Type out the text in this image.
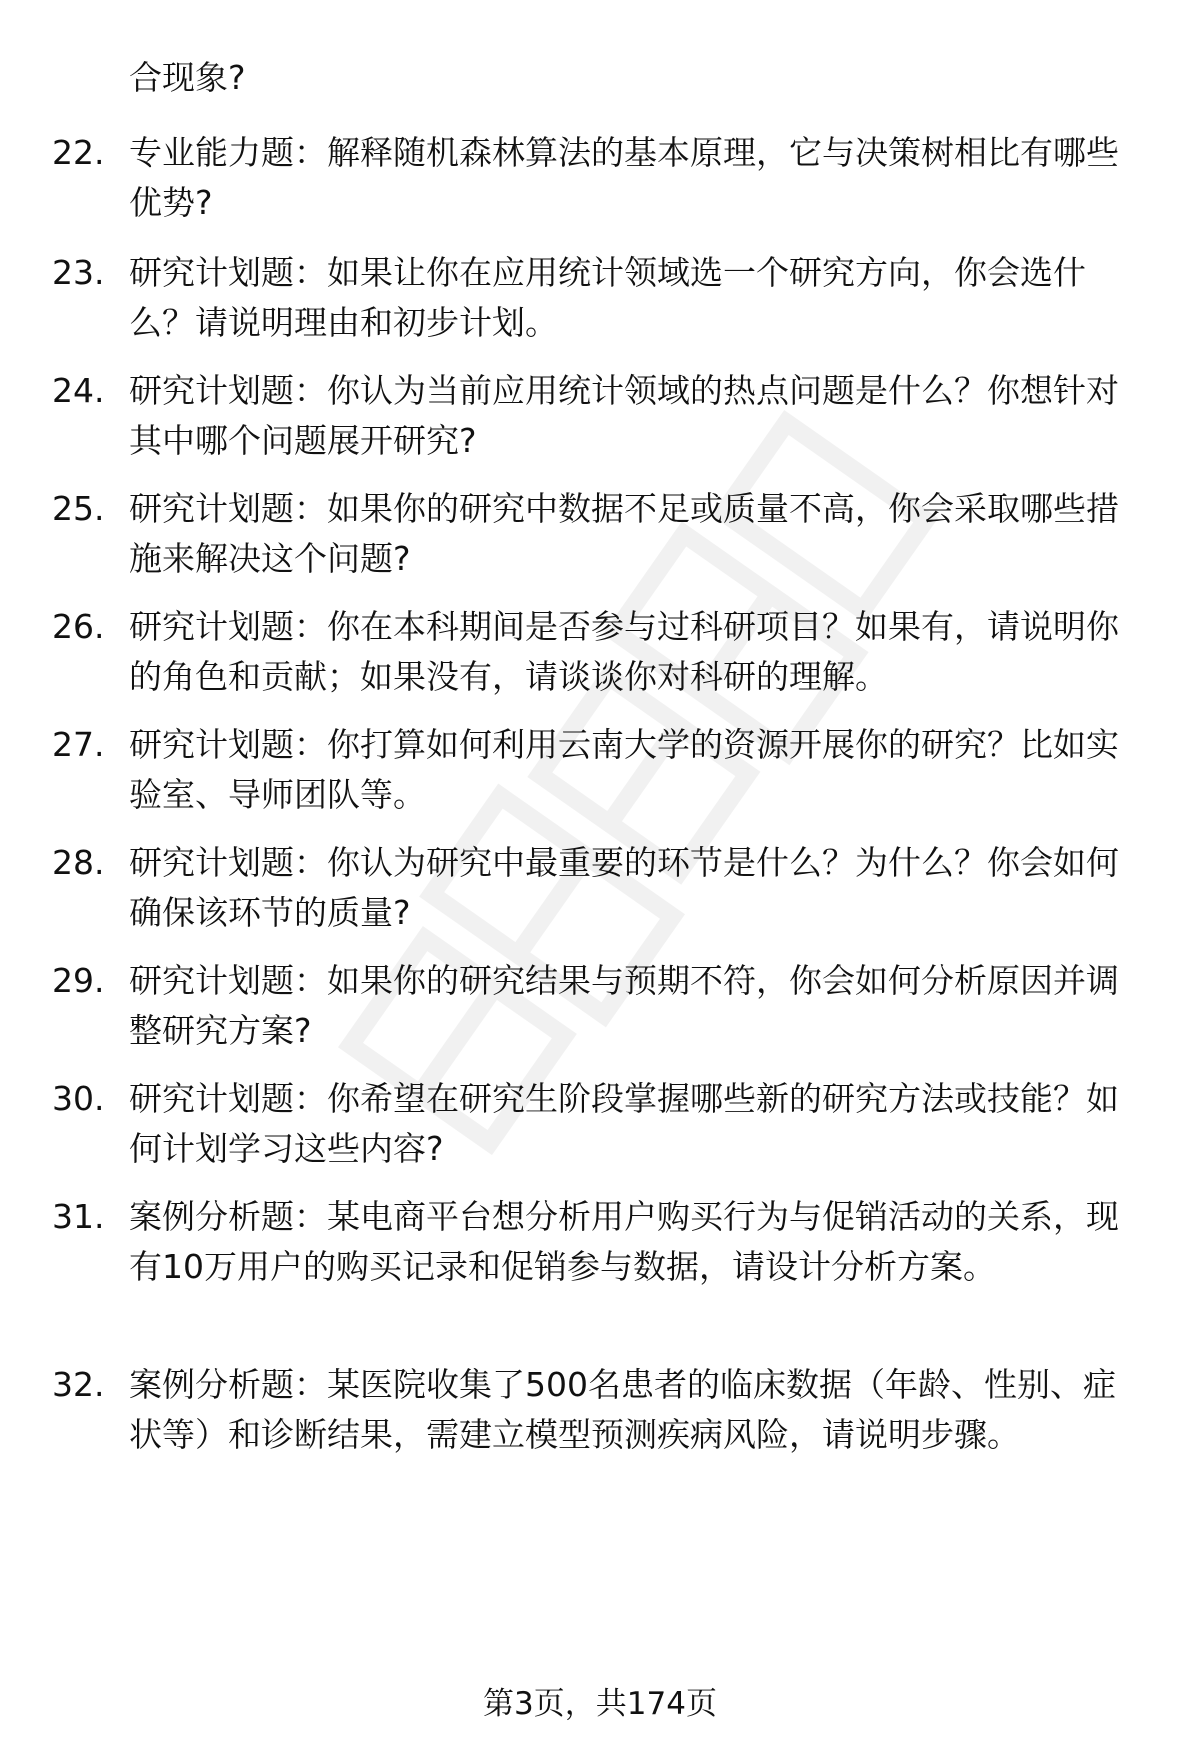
合现象?
22. 专业能力题：解释随机森林算法的基本原理，它与决策树相比有哪些优势?
23. 研究计划题：如果让你在应用统计领域选一个研究方向，你会选什么？请说明理由和初步计划。
24. 研究计划题：你认为当前应用统计领域的热点问题是什么？你想针对其中哪个问题展开研究?
25. 研究计划题：如果你的研究中数据不足或质量不高，你会采取哪些措施来解决这个问题?
26. 研究计划题：你在本科期间是否参与过科研项目？如果有，请说明你的角色和贡献；如果没有，请谈谈你对科研的理解。
27. 研究计划题：你打算如何利用云南大学的资源开展你的研究？比如实验室、导师团队等。
28. 研究计划题：你认为研究中最重要的环节是什么？为什么？你会如何确保该环节的质量?
29. 研究计划题：如果你的研究结果与预期不符，你会如何分析原因并调整研究方案?
30. 研究计划题：你希望在研究生阶段掌握哪些新的研究方法或技能？如何计划学习这些内容?
31. 案例分析题：某电商平台想分析用户购买行为与促销活动的关系，现有10万用户的购买记录和促销参与数据，请设计分析方案。
32. 案例分析题：某医院收集了500名患者的临床数据（年龄、性别、症状等）和诊断结果，需建立模型预测疾病风险，请说明步骤。
第3页，共174页
